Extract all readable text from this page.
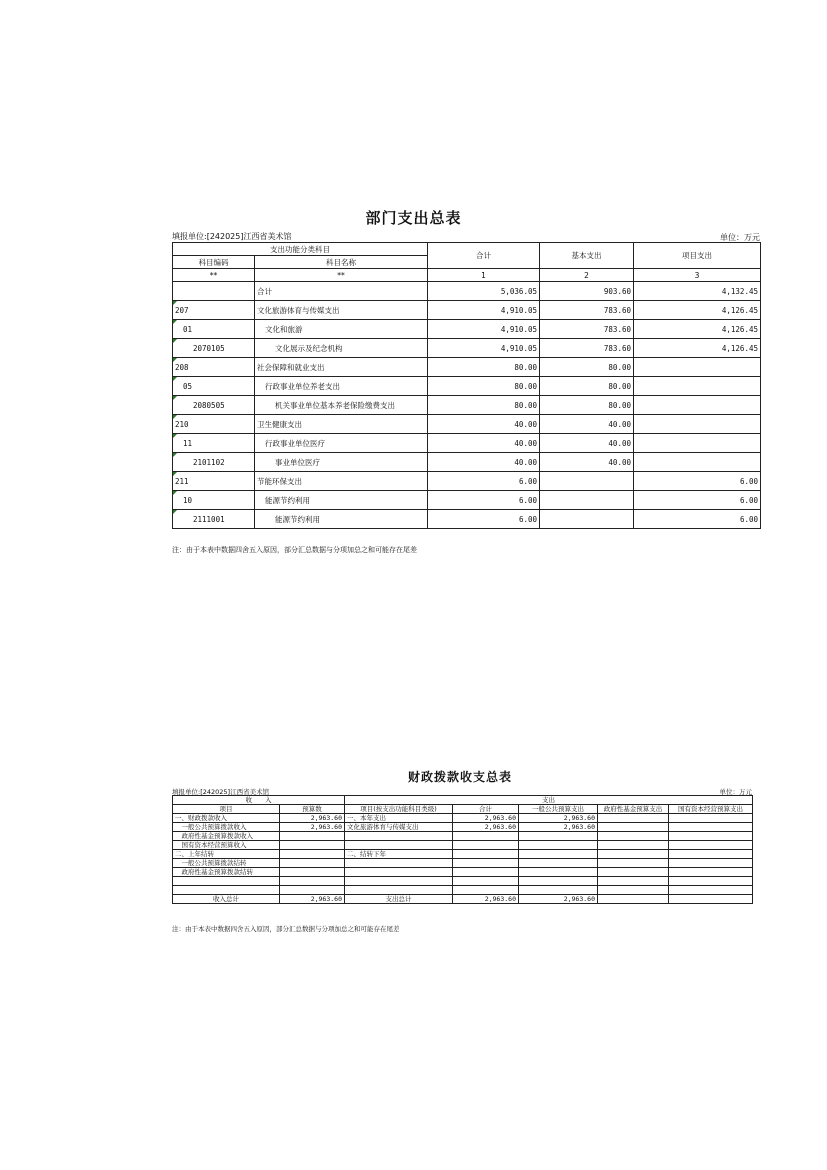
部门支出总表
填报单位:[242025]江西省美术馆	单位：万元
支出功能分类科目		合计	基本支出	项目支出
科目编码	科目名称			
**	**	1	2	3
	合计	5,036.05	903.60	4,132.45
207	文化旅游体育与传媒支出	4,910.05	783.60	4,126.45
01	文化和旅游	4,910.05	783.60	4,126.45
2070105	文化展示及纪念机构	4,910.05	783.60	4,126.45
208	社会保障和就业支出	80.00	80.00	
05	行政事业单位养老支出	80.00	80.00	
2080505	机关事业单位基本养老保险缴费支出	80.00	80.00	
210	卫生健康支出	40.00	40.00	
11	行政事业单位医疗	40.00	40.00	
2101102	事业单位医疗	40.00	40.00	
211	节能环保支出	6.00		6.00
10	能源节约利用	6.00		6.00
2111001	能源节约利用	6.00		6.00
注：由于本表中数据四舍五入原因，部分汇总数据与分项加总之和可能存在尾差
财政拨款收支总表
填报单位:[242025]江西省美术馆	单位：万元
收　　入		支出				
项目	预算数	项目(按支出功能科目类级)	合计	一般公共预算支出	政府性基金预算支出	国有资本经营预算支出
一、财政拨款收入	2,963.60	一、本年支出	2,963.60	2,963.60		
　一般公共预算拨款收入	2,963.60	文化旅游体育与传媒支出	2,963.60	2,963.60		
　政府性基金预算拨款收入						
　国有资本经营预算收入						
二、上年结转		二、结转下年				
　一般公共预算拨款结转						
　政府性基金预算拨款结转						

收入总计	2,963.60	支出总计	2,963.60	2,963.60		
注：由于本表中数据四舍五入原因，部分汇总数据与分项加总之和可能存在尾差
